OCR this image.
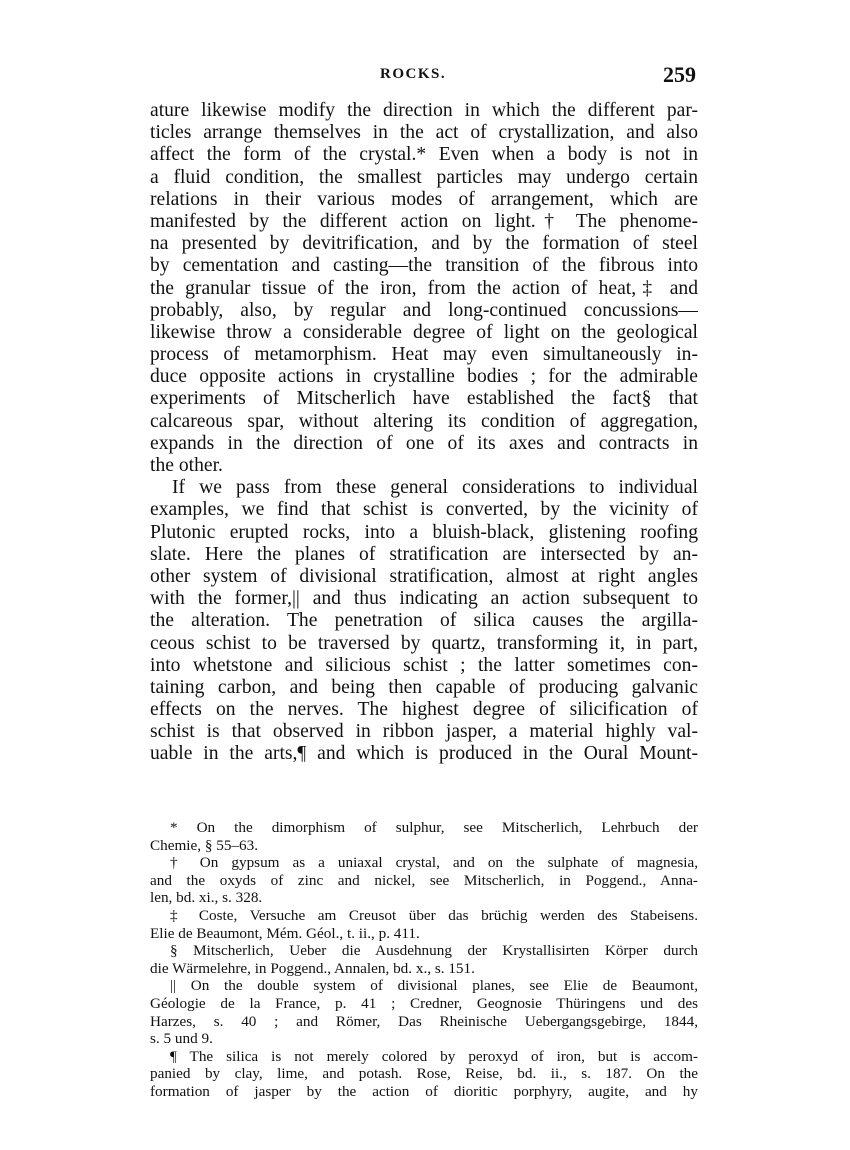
ROCKS.	259
ature likewise modify the direction in which the different par-
ticles arrange themselves in the act of crystallization, and also
affect the form of the crystal.* Even when a body is not in
a fluid condition, the smallest particles may undergo certain
relations in their various modes of arrangement, which are
manifested by the different action on light.† The phenome-
na presented by devitrification, and by the formation of steel
by cementation and casting—the transition of the fibrous into
the granular tissue of the iron, from the action of heat,‡ and
probably, also, by regular and long-continued concussions—
likewise throw a considerable degree of light on the geological
process of metamorphism. Heat may even simultaneously in-
duce opposite actions in crystalline bodies ; for the admirable
experiments of Mitscherlich have established the fact§ that
calcareous spar, without altering its condition of aggregation,
expands in the direction of one of its axes and contracts in
the other.
If we pass from these general considerations to individual
examples, we find that schist is converted, by the vicinity of
Plutonic erupted rocks, into a bluish-black, glistening roofing
slate. Here the planes of stratification are intersected by an-
other system of divisional stratification, almost at right angles
with the former,|| and thus indicating an action subsequent to
the alteration. The penetration of silica causes the argilla-
ceous schist to be traversed by quartz, transforming it, in part,
into whetstone and silicious schist ; the latter sometimes con-
taining carbon, and being then capable of producing galvanic
effects on the nerves. The highest degree of silicification of
schist is that observed in ribbon jasper, a material highly val-
uable in the arts,¶ and which is produced in the Oural Mount-
* On the dimorphism of sulphur, see Mitscherlich, Lehrbuch der
Chemie, § 55–63.
† On gypsum as a uniaxal crystal, and on the sulphate of magnesia,
and the oxyds of zinc and nickel, see Mitscherlich, in Poggend., Anna-
len, bd. xi., s. 328.
‡ Coste, Versuche am Creusot über das brüchig werden des Stabeisens.
Elie de Beaumont, Mém. Géol., t. ii., p. 411.
§ Mitscherlich, Ueber die Ausdehnung der Krystallisirten Körper durch
die Wärmelehre, in Poggend., Annalen, bd. x., s. 151.
|| On the double system of divisional planes, see Elie de Beaumont,
Géologie de la France, p. 41 ; Credner, Geognosie Thüringens und des
Harzes, s. 40 ; and Römer, Das Rheinische Uebergangsgebirge, 1844,
s. 5 und 9.
¶ The silica is not merely colored by peroxyd of iron, but is accom-
panied by clay, lime, and potash. Rose, Reise, bd. ii., s. 187. On the
formation of jasper by the action of dioritic porphyry, augite, and hy
